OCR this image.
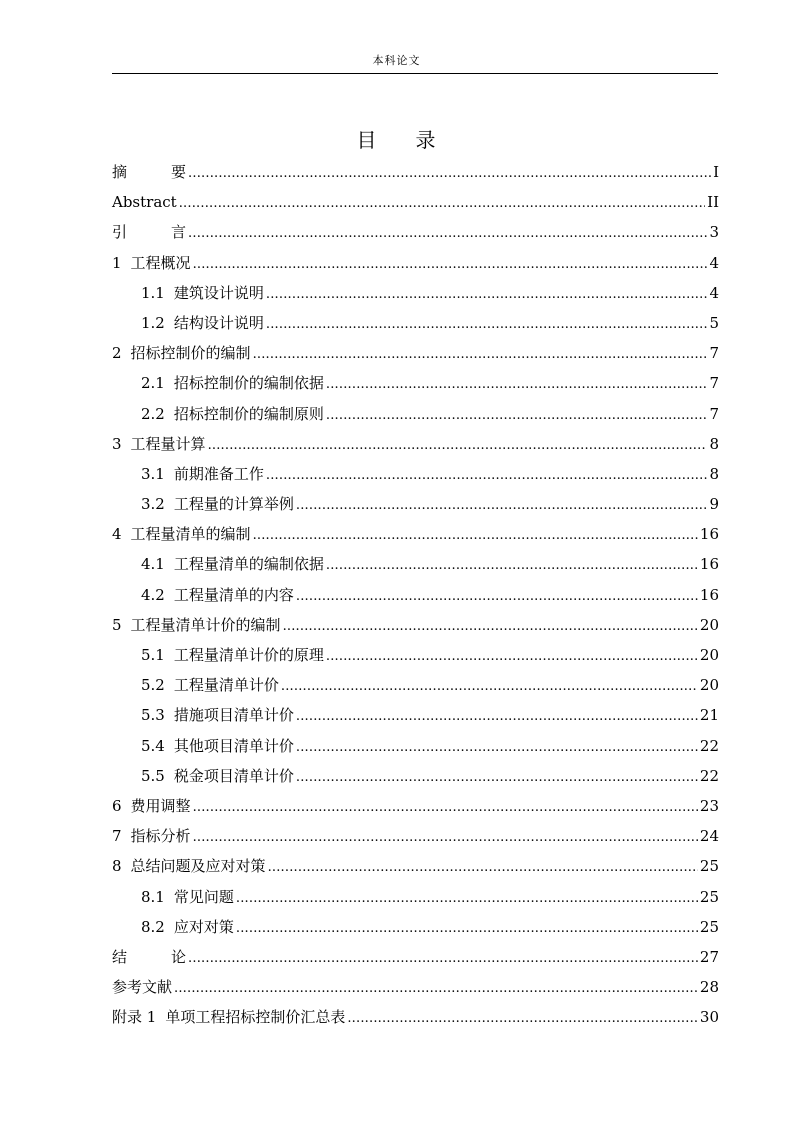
本科论文
目 录
摘	要 .....	I
Abstract .....	II
引	言 .....	3
1 工程概况 .....	4
1.1 建筑设计说明 .....	4
1.2 结构设计说明 .....	5
2 招标控制价的编制 .....	7
2.1 招标控制价的编制依据 .....	7
2.2 招标控制价的编制原则 .....	7
3 工程量计算 .....	8
3.1 前期准备工作 .....	8
3.2 工程量的计算举例 .....	9
4 工程量清单的编制 .....	16
4.1 工程量清单的编制依据 .....	16
4.2 工程量清单的内容 .....	16
5 工程量清单计价的编制 .....	20
5.1 工程量清单计价的原理 .....	20
5.2 工程量清单计价 .....	20
5.3 措施项目清单计价 .....	21
5.4 其他项目清单计价 .....	22
5.5 税金项目清单计价 .....	22
6 费用调整 .....	23
7 指标分析 .....	24
8 总结问题及应对对策 .....	25
8.1 常见问题 .....	25
8.2 应对对策 .....	25
结	论 .....	27
参考文献 .....	28
附录 1 单项工程招标控制价汇总表 .....	30
